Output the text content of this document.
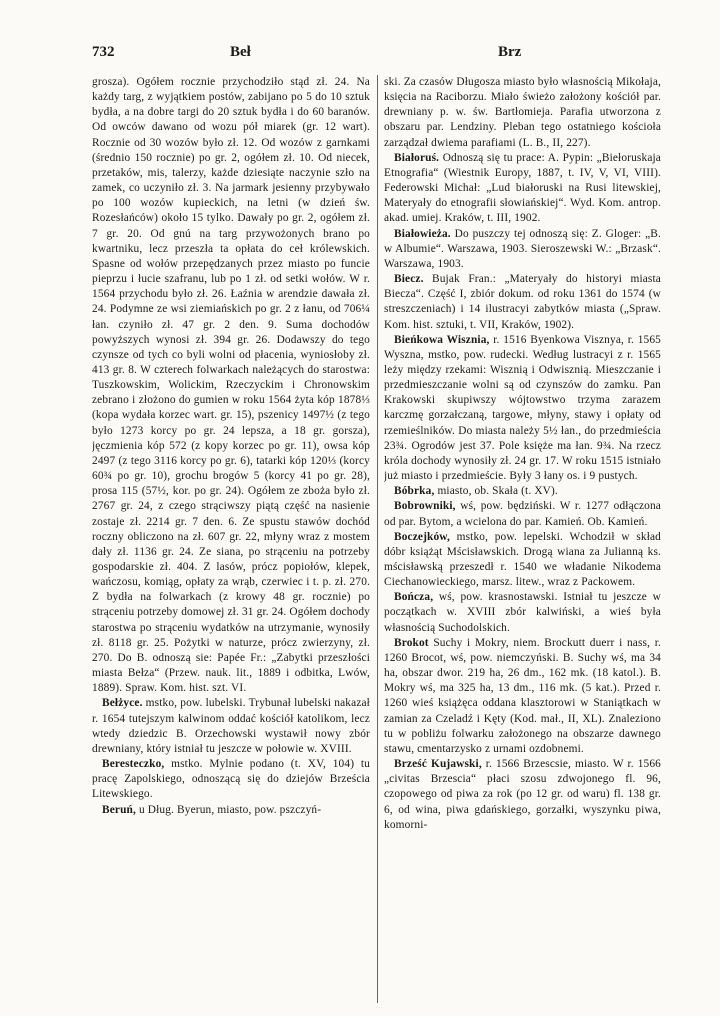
732	Beł	Brz

grosza). Ogółem rocznie przychodziło stąd zł. 24. Na każdy targ, z wyjątkiem postów, zabijano po 5 do 10 sztuk bydła, a na dobre targi do 20 sztuk bydła i do 60 baranów. Od owców dawano od wozu pół miarek (gr. 12 wart). Rocznie od 30 wozów było zł. 12. Od wozów z garnkami (średnio 150 rocznie) po gr. 2, ogółem zł. 10. Od niecek, przetaków, mis, talerzy, każde dziesiąte naczynie szło na zamek, co uczyniło zł. 3. Na jarmark jesienny przybywało po 100 wozów kupieckich, na letni (w dzień św. Rozesłańców) około 15 tylko. Dawały po gr. 2, ogółem zł. 7 gr. 20. Od gnú na targ przywożonych brano po kwartniku, lecz przeszła ta opłata do ceł królewskich. Spasne od wołów przepędzanych przez miasto po funcie pieprzu i łucie szafranu, lub po 1 zł. od setki wołów. W r. 1564 przychodu było zł. 26. Łaźnia w arendzie dawała zł. 24. Podymne ze wsi ziemiańskich po gr. 2 z łanu, od 706¼ łan. czyniło zł. 47 gr. 2 den. 9. Suma dochodów powyższych wynosi zł. 394 gr. 26. Dodawszy do tego czynsze od tych co byli wolni od płacenia, wyniosłoby zł. 413 gr. 8. W czterech folwarkach należących do starostwa: Tuszkowskim, Wolickim, Rzeczyckim i Chronowskim zebrano i złożono do gumien w roku 1564 żyta kóp 1878⅓ (kopa wydała korzec wart. gr. 15), pszenicy 1497½ (z tego było 1273 korcy po gr. 24 lepsza, a 18 gr. gorsza), jęczmienia kóp 572 (z kopy korzec po gr. 11), owsa kóp 2497 (z tego 3116 korcy po gr. 6), tatarki kóp 120⅓ (korcy 60¾ po gr. 10), grochu brogów 5 (korcy 41 po gr. 28), prosa 115 (57½, kor. po gr. 24). Ogółem ze zboża było zł. 2767 gr. 24, z czego strąciwszy piątą część na nasienie zostaje zł. 2214 gr. 7 den. 6. Ze spustu stawów dochód roczny obliczono na zł. 607 gr. 22, młyny wraz z mostem dały zł. 1136 gr. 24. Ze siana, po strąceniu na potrzeby gospodarskie zł. 404. Z lasów, prócz popiołów, klepek, wańczosu, komiąg, opłaty za wrąb, czerwiec i t. p. zł. 270. Z bydła na folwarkach (z krowy 48 gr. rocznie) po strąceniu potrzeby domowej zł. 31 gr. 24. Ogółem dochody starostwa po strąceniu wydatków na utrzymanie, wynosiły zł. 8118 gr. 25. Pożytki w naturze, prócz zwierzyny, zł. 270. Do B. odnoszą sie: Papée Fr.: „Zabytki przeszłości miasta Bełza“ (Przew. nauk. lit., 1889 i odbitka, Lwów, 1889). Spraw. Kom. hist. szt. VI.

Bełżyce. mstko, pow. lubelski. Trybunał lubelski nakazał r. 1654 tutejszym kalwinom oddać kościół katolikom, lecz wtedy dziedzic B. Orzechowski wystawił nowy zbór drewniany, który istniał tu jeszcze w połowie w. XVIII.

Beresteczko, mstko. Mylnie podano (t. XV, 104) tu pracę Zapolskiego, odnoszącą się do dziejów Brześcia Litewskiego.

Beruń, u Dług. Byerun, miasto, pow. pszczyń-

ski. Za czasów Długosza miasto było własnością Mikołaja, księcia na Raciborzu. Miało świeżo założony kościół par. drewniany p. w. św. Bartłomieja. Parafia utworzona z obszaru par. Lendziny. Pleban tego ostatniego kościoła zarządzał dwiema parafiami (L. B., II, 227).

Białoruś. Odnoszą się tu prace: A. Pypin: „Biełoruskaja Etnografia“ (Wiestnik Europy, 1887, t. IV, V, VI, VIII). Federowski Michał: „Lud białoruski na Rusi litewskiej, Materyały do etnografii słowiańskiej“. Wyd. Kom. antrop. akad. umiej. Kraków, t. III, 1902.

Białowieża. Do puszczy tej odnoszą się: Z. Gloger: „B. w Albumie“. Warszawa, 1903. Sieroszewski W.: „Brzask“. Warszawa, 1903.

Biecz. Bujak Fran.: „Materyały do historyi miasta Biecza“. Część I, zbiór dokum. od roku 1361 do 1574 (w streszczeniach) i 14 ilustracyi zabytków miasta („Spraw. Kom. hist. sztuki, t. VII, Kraków, 1902).

Bieńkowa Wisznia, r. 1516 Byenkowa Visznya, r. 1565 Wyszna, mstko, pow. rudecki. Według lustracyi z r. 1565 leży między rzekami: Wisznią i Odwisznią. Mieszczanie i przedmieszczanie wolni są od czynszów do zamku. Pan Krakowski skupiwszy wójtowstwo trzyma zarazem karczmę gorzałczaną, targowe, młyny, stawy i opłaty od rzemieślników. Do miasta należy 5½ łan., do przedmieścia 23¾. Ogrodów jest 37. Pole księże ma łan. 9¾. Na rzecz króla dochody wynosiły zł. 24 gr. 17. W roku 1515 istniało już miasto i przedmieście. Były 3 łany os. i 9 pustych.

Bóbrka, miasto, ob. Skała (t. XV).

Bobrowniki, wś, pow. będziński. W r. 1277 odłączona od par. Bytom, a wcielona do par. Kamień. Ob. Kamień.

Boczejków, mstko, pow. lepelski. Wchodził w skład dóbr książąt Mścisławskich. Drogą wiana za Julianną ks. mścisławską przeszedł r. 1540 we władanie Nikodema Ciechanowieckiego, marsz. litew., wraz z Packowem.

Bończa, wś, pow. krasnostawski. Istniał tu jeszcze w początkach w. XVIII zbór kalwiński, a wieś była własnością Suchodolskich.

Brokot Suchy i Mokry, niem. Brockutt duerr i nass, r. 1260 Brocot, wś, pow. niemczyński. B. Suchy wś, ma 34 ha, obszar dwor. 219 ha, 26 dm., 162 mk. (18 katol.). B. Mokry wś, ma 325 ha, 13 dm., 116 mk. (5 kat.). Przed r. 1260 wieś książęca oddana klasztorowi w Staniątkach w zamian za Czeladź i Kęty (Kod. mał., II, XL). Znaleziono tu w pobliżu folwarku założonego na obszarze dawnego stawu, cmentarzysko z urnami ozdobnemi.

Brześć Kujawski, r. 1566 Brzescsie, miasto. W r. 1566 „civitas Brzescia“ płaci szosu zdwojonego fl. 96, czopowego od piwa za rok (po 12 gr. od waru) fl. 138 gr. 6, od wina, piwa gdańskiego, gorzałki, wyszynku piwa, komorni-
